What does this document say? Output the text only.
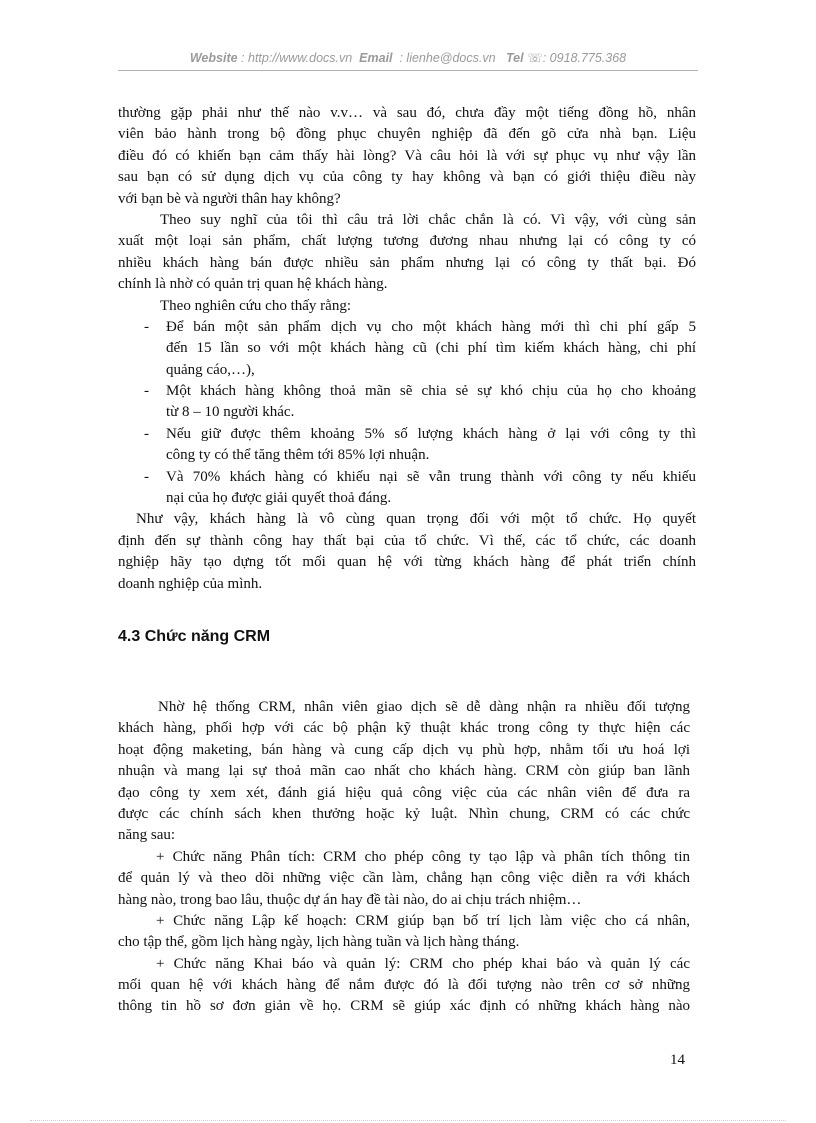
Website : http://www.docs.vn Email : lienhe@docs.vn Tel ☏: 0918.775.368
thường gặp phải như thế nào v.v… và sau đó, chưa đầy một tiếng đồng hồ, nhân
viên bảo hành trong bộ đồng phục chuyên nghiệp đã đến gõ cửa nhà bạn. Liệu
điều đó có khiến bạn cảm thấy hài lòng? Và câu hỏi là với sự phục vụ như vậy lần
sau bạn có sử dụng dịch vụ của công ty hay không và bạn có giới thiệu điều này
với bạn bè và người thân hay không?
Theo suy nghĩ của tôi thì câu trả lời chắc chắn là có. Vì vậy, với cùng sản
xuất một loại sản phẩm, chất lượng tương đương nhau nhưng lại có công ty có
nhiều khách hàng bán được nhiều sản phẩm nhưng lại có công ty thất bại. Đó
chính là nhờ có quản trị quan hệ khách hàng.
Theo nghiên cứu cho thấy rằng:
- Để bán một sản phẩm dịch vụ cho một khách hàng mới thì chi phí gấp 5
đến 15 lần so với một khách hàng cũ (chi phí tìm kiếm khách hàng, chi phí
quảng cáo,…),
- Một khách hàng không thoả mãn sẽ chia sẻ sự khó chịu của họ cho khoảng
từ 8 – 10 người khác.
- Nếu giữ được thêm khoảng 5% số lượng khách hàng ở lại với công ty thì
công ty có thể tăng thêm tới 85% lợi nhuận.
- Và 70% khách hàng có khiếu nại sẽ vẫn trung thành với công ty nếu khiếu
nại của họ được giải quyết thoả đáng.
Như vậy, khách hàng là vô cùng quan trọng đối với một tổ chức. Họ quyết
định đến sự thành công hay thất bại của tổ chức. Vì thế, các tổ chức, các doanh
nghiệp hãy tạo dựng tốt mối quan hệ với từng khách hàng để phát triển chính
doanh nghiệp của mình.
4.3 Chức năng CRM
Nhờ hệ thống CRM, nhân viên giao dịch sẽ dễ dàng nhận ra nhiều đối tượng
khách hàng, phối hợp với các bộ phận kỹ thuật khác trong công ty thực hiện các
hoạt động maketing, bán hàng và cung cấp dịch vụ phù hợp, nhằm tối ưu hoá lợi
nhuận và mang lại sự thoả mãn cao nhất cho khách hàng. CRM còn giúp ban lãnh
đạo công ty xem xét, đánh giá hiệu quả công việc của các nhân viên để đưa ra
được các chính sách khen thưởng hoặc kỷ luật. Nhìn chung, CRM có các chức
năng sau:
+ Chức năng Phân tích: CRM cho phép công ty tạo lập và phân tích thông tin
để quản lý và theo dõi những việc cần làm, chẳng hạn công việc diễn ra với khách
hàng nào, trong bao lâu, thuộc dự án hay đề tài nào, do ai chịu trách nhiệm…
+ Chức năng Lập kế hoạch: CRM giúp bạn bố trí lịch làm việc cho cá nhân,
cho tập thể, gồm lịch hàng ngày, lịch hàng tuần và lịch hàng tháng.
+ Chức năng Khai báo và quản lý: CRM cho phép khai báo và quản lý các
mối quan hệ với khách hàng để nắm được đó là đối tượng nào trên cơ sở những
thông tin hồ sơ đơn giản về họ. CRM sẽ giúp xác định có những khách hàng nào
14
